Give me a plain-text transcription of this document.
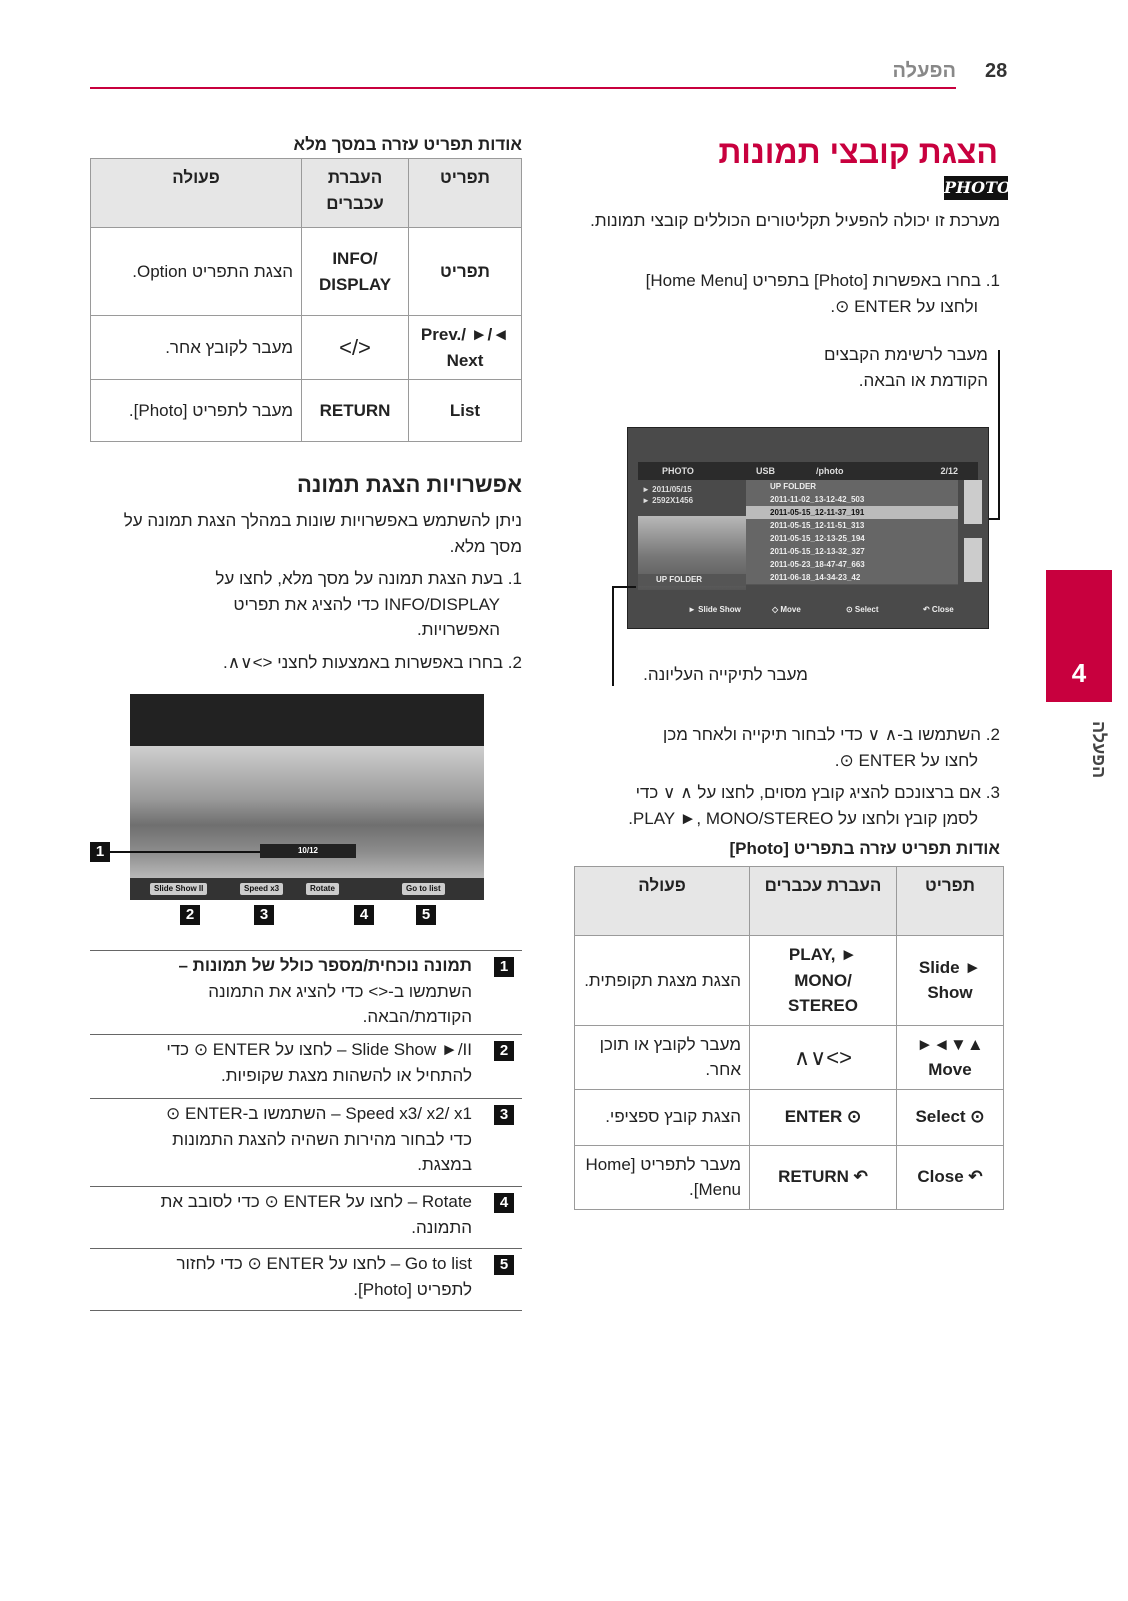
28
הפעלה
4
הפעלה
הצגת קובצי תמונות
PHOTO

מערכת זו יכולה להפעיל תקליטורים הכוללים קובצי תמונות.

1. בחרו באפשרות [Photo] בתפריט [Home Menu]

ולחצו על ENTER ⊙.

מעבר לרשימת הקבצים

הקודמת או הבאה.

PHOTO	USB	/photo	2/12
► 2011/05/15
► 2592X1456
UP FOLDER
UP FOLDER
2011-11-02_13-12-42_503
2011-05-15_12-11-37_191
2011-05-15_12-11-51_313
2011-05-15_12-13-25_194
2011-05-15_12-13-32_327
2011-05-23_18-47-47_663
2011-06-18_14-34-23_42
► Slide Show	◇ Move	⊙ Select	↶ Close

מעבר לתיקייה העליונה.

2. השתמשו ב-∧ ∨ כדי לבחור תיקייה ולאחר מכן

לחצו על ENTER ⊙.

3. אם ברצונכם להציג קובץ מסוים, לחצו על ∧ ∨ כדי

לסמן קובץ ולחצו על PLAY ►, MONO/STEREO.

אודות תפריט עזרה בתפריט [Photo]
תפריט	העברת עכברים	פעולה
► Slide Show	► PLAY, MONO/ STEREO	הצגת מצגת תקופתית.
▲▼◄► Move	<>∨∧	מעבר לקובץ או תוכן אחר.
⊙ Select	⊙ ENTER	הצגת קובץ ספציפי.
↶ Close	↶ RETURN	מעבר לתפריט [Home Menu].
אודות תפריט עזרה במסך מלא
תפריט	העברת עכברים	פעולה
תפריט	INFO/ DISPLAY	הצגת התפריט Option.
◄/► Prev./ Next	</>	מעבר לקובץ אחר.
List	RETURN	מעבר לתפריט [Photo].
אפשרויות הצגת תמונה

ניתן להשתמש באפשרויות שונות במהלך הצגת תמונה על מסך מלא.

1. בעת הצגת תמונה על מסך מלא, לחצו על

INFO/DISPLAY כדי להציג את תפריט

האפשרויות.

2. בחרו באפשרות באמצעות לחצני <>∨∧.

10/12
Slide Show II	Speed x3	Rotate	Go to list
1
2	3	4	5
1

תמונה נוכחית/מספר כולל של תמונות –

השתמשו ב-<> כדי להציג את התמונה

הקודמת/הבאה.

2

Slide Show ►/II – לחצו על ENTER ⊙ כדי

להתחיל או להשהות מצגת שקופיות.

3

Speed x3/ x2/ x1 – השתמשו ב-ENTER ⊙

כדי לבחור מהירות השהיה להצגת התמונות

במצגת.

4

Rotate – לחצו על ENTER ⊙ כדי לסובב את

התמונה.

5

Go to list – לחצו על ENTER ⊙ כדי לחזור

לתפריט [Photo].
